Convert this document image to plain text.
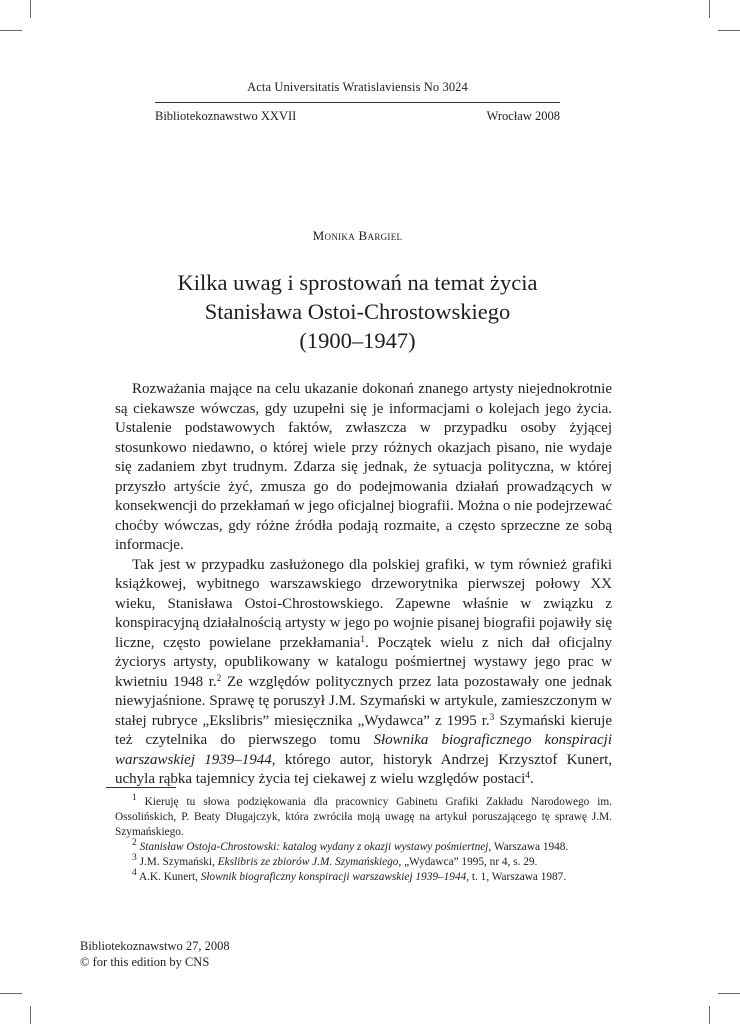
Acta Universitatis Wratislaviensis No 3024
Bibliotekoznawstwo XXVII	Wrocław 2008
Monika Bargiel
Kilka uwag i sprostowań na temat życia
Stanisława Ostoi-Chrostowskiego
(1900–1947)

Rozważania mające na celu ukazanie dokonań znanego artysty niejednokrotnie są ciekawsze wówczas, gdy uzupełni się je informacjami o kolejach jego życia. Ustalenie podstawowych faktów, zwłaszcza w przypadku osoby żyjącej stosunkowo niedawno, o której wiele przy różnych okazjach pisano, nie wydaje się zadaniem zbyt trudnym. Zdarza się jednak, że sytuacja polityczna, w której przyszło artyście żyć, zmusza go do podejmowania działań prowadzących w konsekwencji do przekłamań w jego oficjalnej biografii. Można o nie podejrzewać choćby wówczas, gdy różne źródła podają rozmaite, a często sprzeczne ze sobą informacje.

Tak jest w przypadku zasłużonego dla polskiej grafiki, w tym również grafiki książkowej, wybitnego warszawskiego drzeworytnika pierwszej połowy XX wieku, Stanisława Ostoi-Chrostowskiego. Zapewne właśnie w związku z konspiracyjną działalnością artysty w jego po wojnie pisanej biografii pojawiły się liczne, często powielane przekłamania$^1$. Początek wielu z nich dał oficjalny życiorys artysty, opublikowany w katalogu pośmiertnej wystawy jego prac w kwietniu 1948 r.$^2$ Ze względów politycznych przez lata pozostawały one jednak niewyjaśnione. Sprawę tę poruszył J.M. Szymański w artykule, zamieszczonym w stałej rubryce „Ekslibris” miesięcznika „Wydawca” z 1995 r.$^3$ Szymański kieruje też czytelnika do pierwszego tomu Słownika biograficznego konspiracji warszawskiej 1939–1944, którego autor, historyk Andrzej Krzysztof Kunert, uchyla rąbka tajemnicy życia tej ciekawej z wielu względów postaci$^4$.

$^1$ Kieruję tu słowa podziękowania dla pracownicy Gabinetu Grafiki Zakładu Narodowego im. Ossolińskich, P. Beaty Długajczyk, która zwróciła moją uwagę na artykuł poruszającego tę sprawę J.M. Szymańskiego.

$^2$ Stanisław Ostoja-Chrostowski: katalog wydany z okazji wystawy pośmiertnej, Warszawa 1948.

$^3$ J.M. Szymański, Ekslibris ze zbiorów J.M. Szymańskiego, „Wydawca” 1995, nr 4, s. 29.

$^4$ A.K. Kunert, Słownik biograficzny konspiracji warszawskiej 1939–1944, t. 1, Warszawa 1987.

Bibliotekoznawstwo 27, 2008
© for this edition by CNS
